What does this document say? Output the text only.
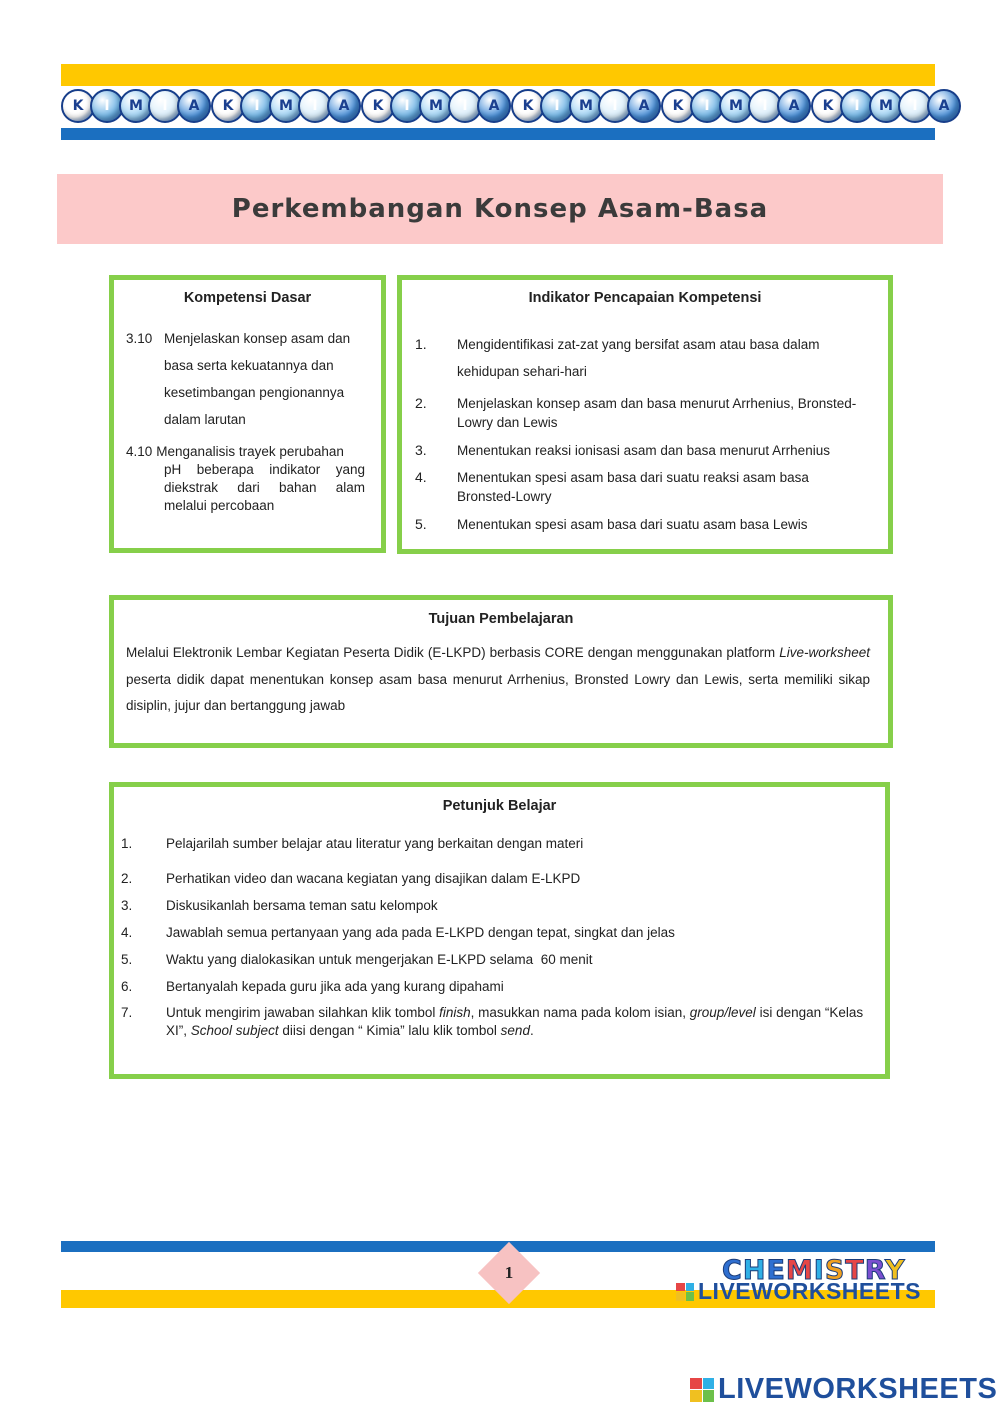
K	I	M	I	A	K	I	M	I	A	K	I	M	I	A	K	I	M	I	A	K	I	M	I	A	K	I	M	I	A
Perkembangan Konsep Asam-Basa
Kompetensi Dasar
3.10 Menjelaskan konsep asam dan
basa serta kekuatannya dan
kesetimbangan pengionannya
dalam larutan
4.10 Menganalisis trayek perubahan
pH beberapa indikator yang
diekstrak dari bahan alam
melalui percobaan
Indikator Pencapaian Kompetensi
1.	Mengidentifikasi zat-zat yang bersifat asam atau basa dalam kehidupan sehari-hari
2.	Menjelaskan konsep asam dan basa menurut Arrhenius, Bronsted-Lowry dan Lewis
3.	Menentukan reaksi ionisasi asam dan basa menurut Arrhenius
4.	Menentukan spesi asam basa dari suatu reaksi asam basa Bronsted-Lowry
5.	Menentukan spesi asam basa dari suatu asam basa Lewis
Tujuan Pembelajaran
Melalui Elektronik Lembar Kegiatan Peserta Didik (E-LKPD) berbasis CORE dengan menggunakan platform Live-worksheet peserta didik dapat menentukan konsep asam basa menurut Arrhenius, Bronsted Lowry dan Lewis, serta memiliki sikap disiplin, jujur dan bertanggung jawab
Petunjuk Belajar
1.	Pelajarilah sumber belajar atau literatur yang berkaitan dengan materi
2.	Perhatikan video dan wacana kegiatan yang disajikan dalam E-LKPD
3.	Diskusikanlah bersama teman satu kelompok
4.	Jawablah semua pertanyaan yang ada pada E-LKPD dengan tepat, singkat dan jelas
5.	Waktu yang dialokasikan untuk mengerjakan E-LKPD selama  60 menit
6.	Bertanyalah kepada guru jika ada yang kurang dipahami
7.	Untuk mengirim jawaban silahkan klik tombol finish, masukkan nama pada kolom isian, group/level isi dengan “Kelas XI”, School subject diisi dengan “ Kimia” lalu klik tombol send.
1	CHEMISTRY
LIVEWORKSHEETS
LIVEWORKSHEETS
